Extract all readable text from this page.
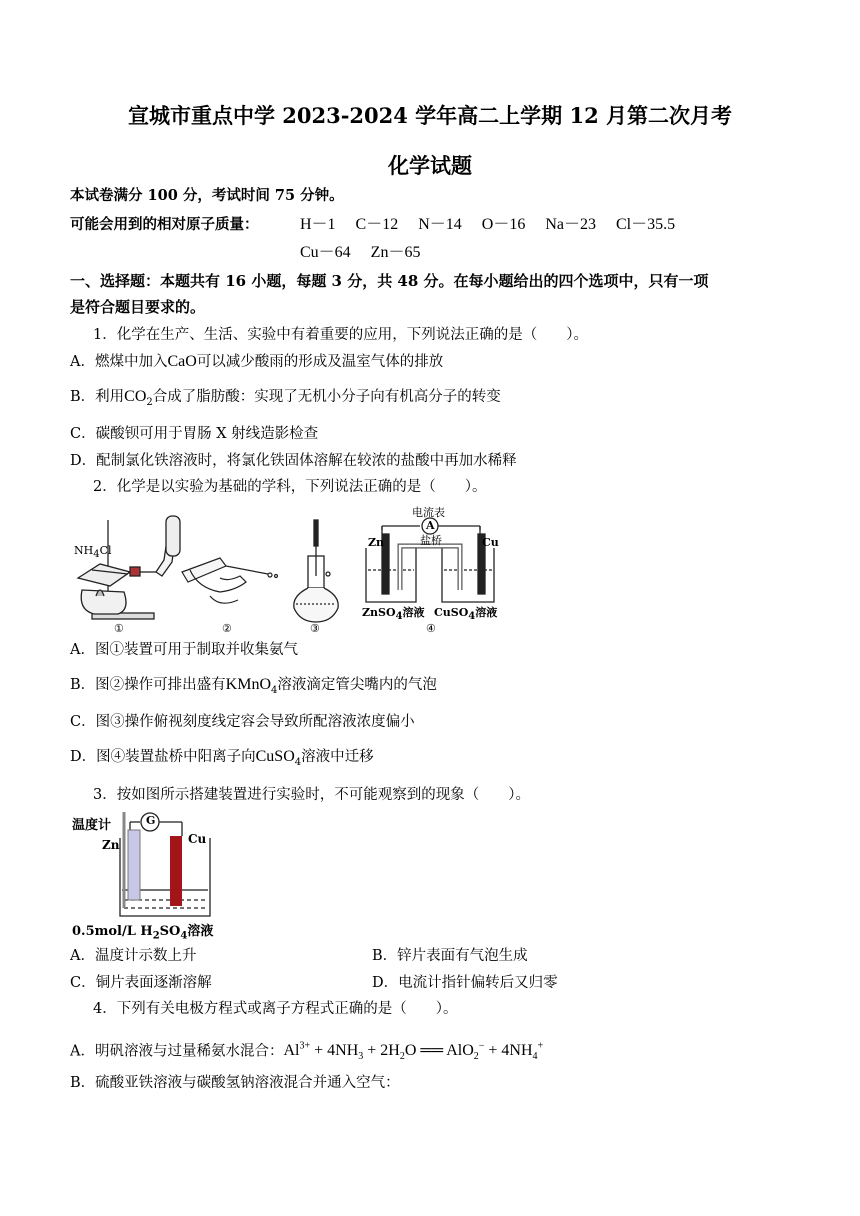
宣城市重点中学 2023-2024 学年高二上学期 12 月第二次月考
化学试题
本试卷满分 100 分，考试时间 75 分钟。
可能会用到的相对原子质量：	H－1　 C－12　 N－14　 O－16　 Na－23　 Cl－35.5
Cu－64　 Zn－65
一、选择题：本题共有 16 小题，每题 3 分，共 48 分。在每小题给出的四个选项中，只有一项
是符合题目要求的。
1．化学在生产、生活、实验中有着重要的应用，下列说法正确的是（　　）。
A．燃煤中加入CaO可以减少酸雨的形成及温室气体的排放
B．利用$CO_2$合成了脂肪酸：实现了无机小分子向有机高分子的转变
C．碳酸钡可用于胃肠 X 射线造影检查
D．配制氯化铁溶液时，将氯化铁固体溶解在较浓的盐酸中再加水稀释
2．化学是以实验为基础的学科，下列说法正确的是（　　）。
$NH_4Cl$
电流表
A
盐桥
Zn	Cu
ZnSO$_4$溶液 CuSO$_4$溶液
①	②	③	④
A．图①装置可用于制取并收集氨气
B．图②操作可排出盛有KMnO$_4$溶液滴定管尖嘴内的气泡
C．图③操作俯视刻度线定容会导致所配溶液浓度偏小
D．图④装置盐桥中阳离子向CuSO$_4$溶液中迁移
3．按如图所示搭建装置进行实验时，不可能观察到的现象（　　）。
温度计	G
Zn	Cu
0.5mol/L $H_2SO_4$溶液
A．温度计示数上升	B．锌片表面有气泡生成
C．铜片表面逐渐溶解	D．电流计指针偏转后又归零
4．下列有关电极方程式或离子方程式正确的是（　　）。
A．明矾溶液与过量稀氨水混合：$Al^{3+} + 4NH_3 + 2H_2O$ ══ $AlO_2^- + 4NH_4^+$
B．硫酸亚铁溶液与碳酸氢钠溶液混合并通入空气：
